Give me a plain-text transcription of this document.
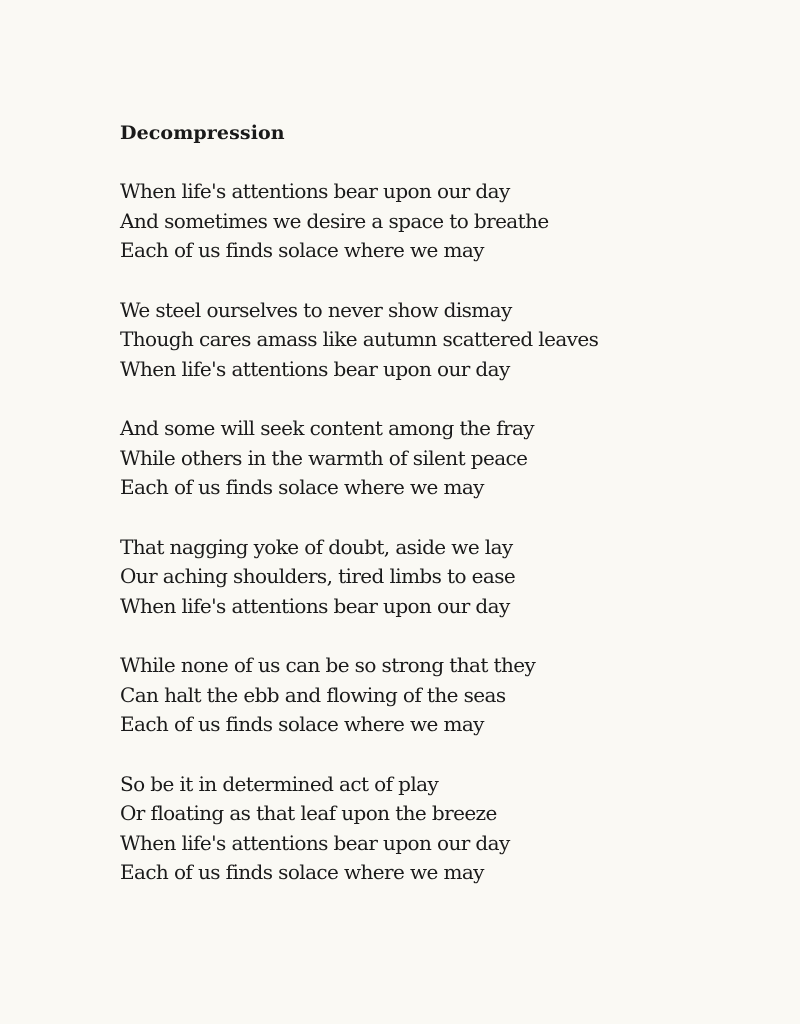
Decompression
When life's attentions bear upon our day
And sometimes we desire a space to breathe
Each of us finds solace where we may
We steel ourselves to never show dismay
Though cares amass like autumn scattered leaves
When life's attentions bear upon our day
And some will seek content among the fray
While others in the warmth of silent peace
Each of us finds solace where we may
That nagging yoke of doubt, aside we lay
Our aching shoulders, tired limbs to ease
When life's attentions bear upon our day
While none of us can be so strong that they
Can halt the ebb and flowing of the seas
Each of us finds solace where we may
So be it in determined act of play
Or floating as that leaf upon the breeze
When life's attentions bear upon our day
Each of us finds solace where we may
